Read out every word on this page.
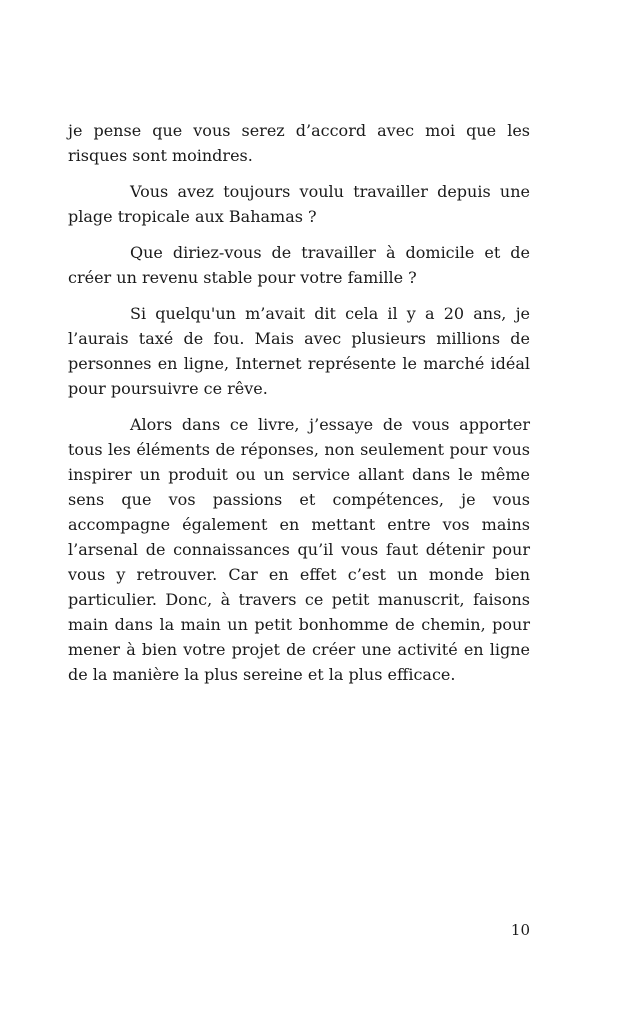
je pense que vous serez d’accord avec moi que les risques sont moindres.

Vous avez toujours voulu travailler depuis une plage tropicale aux Bahamas ?

Que diriez-vous de travailler à domicile et de créer un revenu stable pour votre famille ?

Si quelqu'un m’avait dit cela il y a 20 ans, je l’aurais taxé de fou. Mais avec plusieurs millions de personnes en ligne, Internet représente le marché idéal pour poursuivre ce rêve.

Alors dans ce livre, j’essaye de vous apporter tous les éléments de réponses, non seulement pour vous inspirer un produit ou un service allant dans le même sens que vos passions et compétences, je vous accompagne également en mettant entre vos mains l’arsenal de connaissances qu’il vous faut détenir pour vous y retrouver. Car en effet c’est un monde bien particulier. Donc, à travers ce petit manuscrit, faisons main dans la main un petit bonhomme de chemin, pour mener à bien votre projet de créer une activité en ligne de la manière la plus sereine et la plus efficace.

10
